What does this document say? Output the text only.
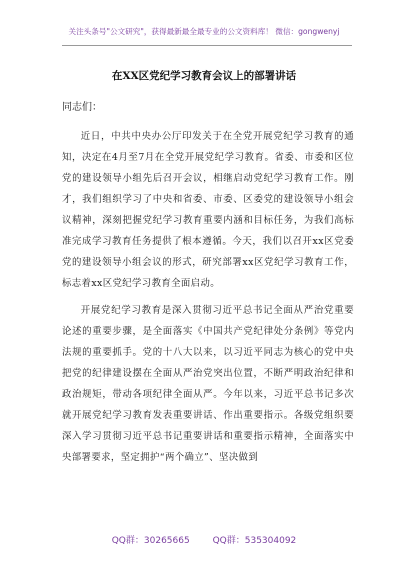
关注头条号"公文研究"，获得最新最全最专业的公文资料库！ 微信：gongwenyj
在XX区党纪学习教育会议上的部署讲话
同志们：

近日，中共中央办公厅印发关于在全党开展党纪学习教育的通知，决定在4月至7月在全党开展党纪学习教育。省委、市委和区位党的建设领导小组先后召开会议，相继启动党纪学习教育工作。刚才，我们组织学习了中央和省委、市委、区委党的建设领导小组会议精神，深刻把握党纪学习教育重要内涵和目标任务，为我们高标准完成学习教育任务提供了根本遵循。今天，我们以召开xx区党委党的建设领导小组会议的形式，研究部署xx区党纪学习教育工作，标志着xx区党纪学习教育全面启动。

开展党纪学习教育是深入贯彻习近平总书记全面从严治党重要论述的重要步骤，是全面落实《中国共产党纪律处分条例》等党内法规的重要抓手。党的十八大以来，以习近平同志为核心的党中央把党的纪律建设摆在全面从严治党突出位置，不断严明政治纪律和政治规矩，带动各项纪律全面从严。今年以来，习近平总书记多次就开展党纪学习教育发表重要讲话、作出重要指示。各级党组织要深入学习贯彻习近平总书记重要讲话和重要指示精神，全面落实中央部署要求，坚定拥护“两个确立”、坚决做到

QQ群：30265665	QQ群：535304092
